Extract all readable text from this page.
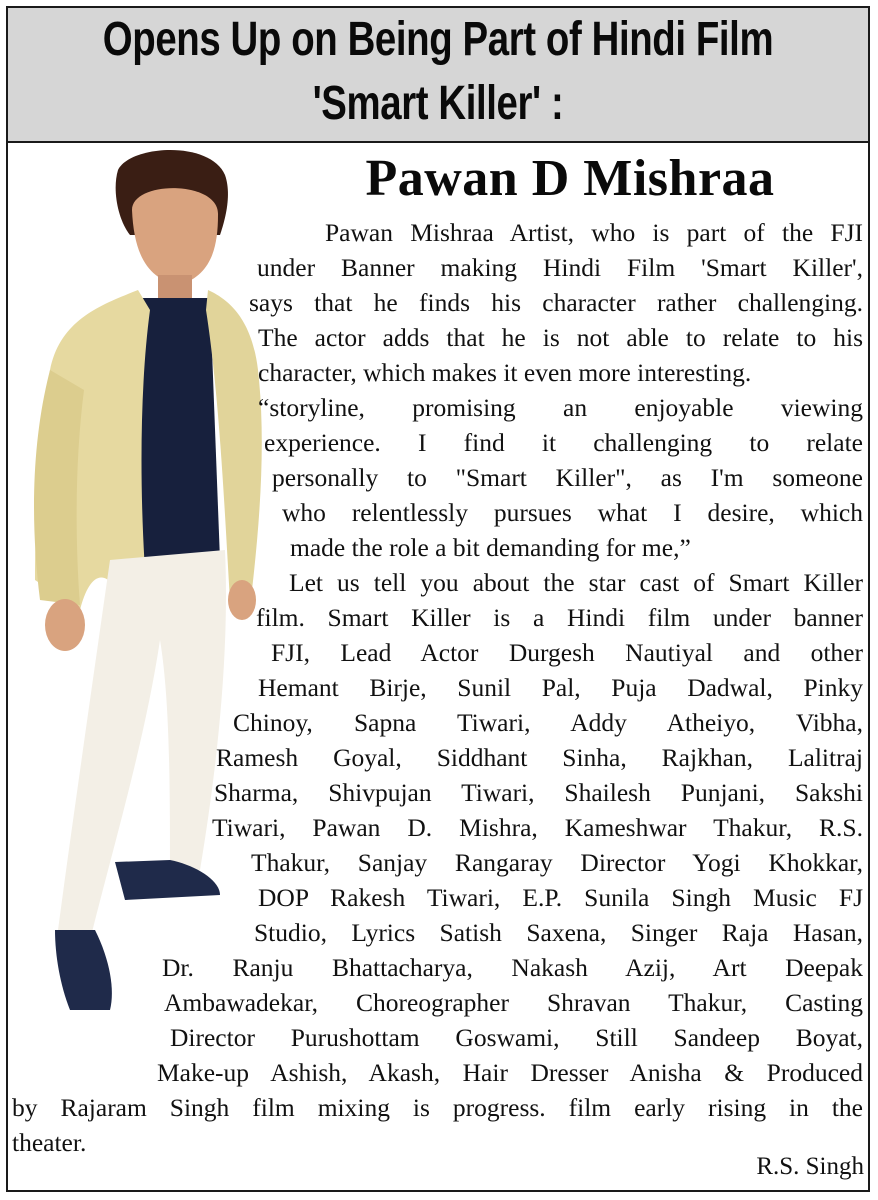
Opens Up on Being Part of Hindi Film
'Smart Killer' :
Pawan D Mishraa
Pawan Mishraa Artist, who is part of the FJI
under Banner making Hindi Film 'Smart Killer',
says that he finds his character rather challenging.
The actor adds that he is not able to relate to his
character, which makes it even more interesting.
“storyline, promising an enjoyable viewing
experience. I find it challenging to relate
personally to "Smart Killer", as I'm someone
who relentlessly pursues what I desire, which
made the role a bit demanding for me,”
Let us tell you about the star cast of Smart Killer
film. Smart Killer is a Hindi film under banner
FJI, Lead Actor Durgesh Nautiyal and other
Hemant Birje, Sunil Pal, Puja Dadwal, Pinky
Chinoy, Sapna Tiwari, Addy Atheiyo, Vibha,
Ramesh Goyal, Siddhant Sinha, Rajkhan, Lalitraj
Sharma, Shivpujan Tiwari, Shailesh Punjani, Sakshi
Tiwari, Pawan D. Mishra, Kameshwar Thakur, R.S.
Thakur, Sanjay Rangaray Director Yogi Khokkar,
DOP Rakesh Tiwari, E.P. Sunila Singh Music FJ
Studio, Lyrics Satish Saxena, Singer Raja Hasan,
Dr. Ranju Bhattacharya, Nakash Azij, Art Deepak
Ambawadekar, Choreographer Shravan Thakur, Casting
Director Purushottam Goswami, Still Sandeep Boyat,
Make-up Ashish, Akash, Hair Dresser Anisha & Produced
by Rajaram Singh film mixing is progress. film early rising in the
theater.
R.S. Singh
